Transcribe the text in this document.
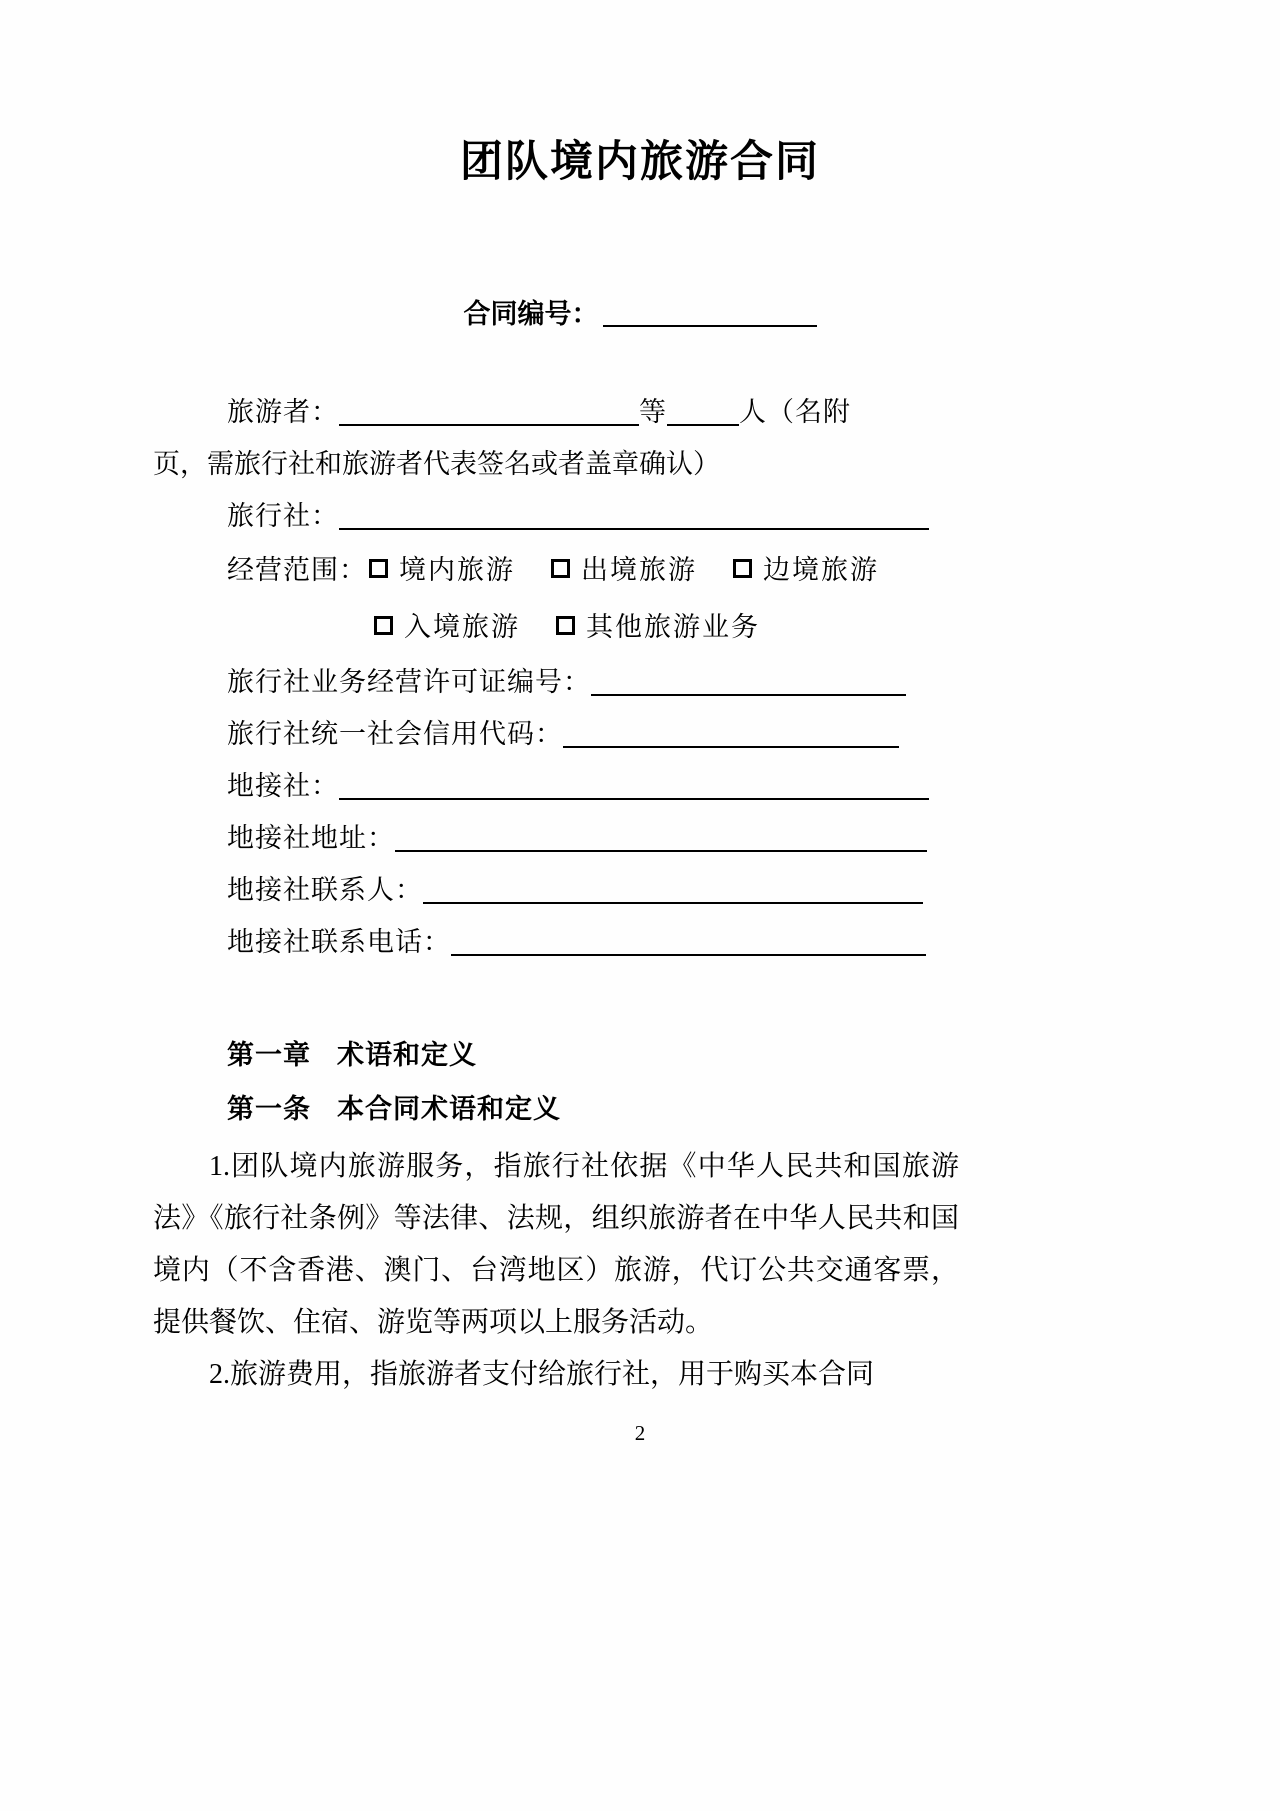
团队境内旅游合同
合同编号：
旅游者：	等	人（名附
页，需旅行社和旅游者代表签名或者盖章确认）
旅行社：
经营范围： 境内旅游 出境旅游 边境旅游
入境旅游 其他旅游业务
旅行社业务经营许可证编号：
旅行社统一社会信用代码：
地接社：
地接社地址：
地接社联系人：
地接社联系电话：
第一章 术语和定义
第一条 本合同术语和定义

1.团队境内旅游服务，指旅行社依据《中华人民共和国旅游法》《旅行社条例》等法律、法规，组织旅游者在中华人民共和国境内（不含香港、澳门、台湾地区）旅游，代订公共交通客票，提供餐饮、住宿、游览等两项以上服务活动。

2.旅游费用，指旅游者支付给旅行社，用于购买本合同

2
